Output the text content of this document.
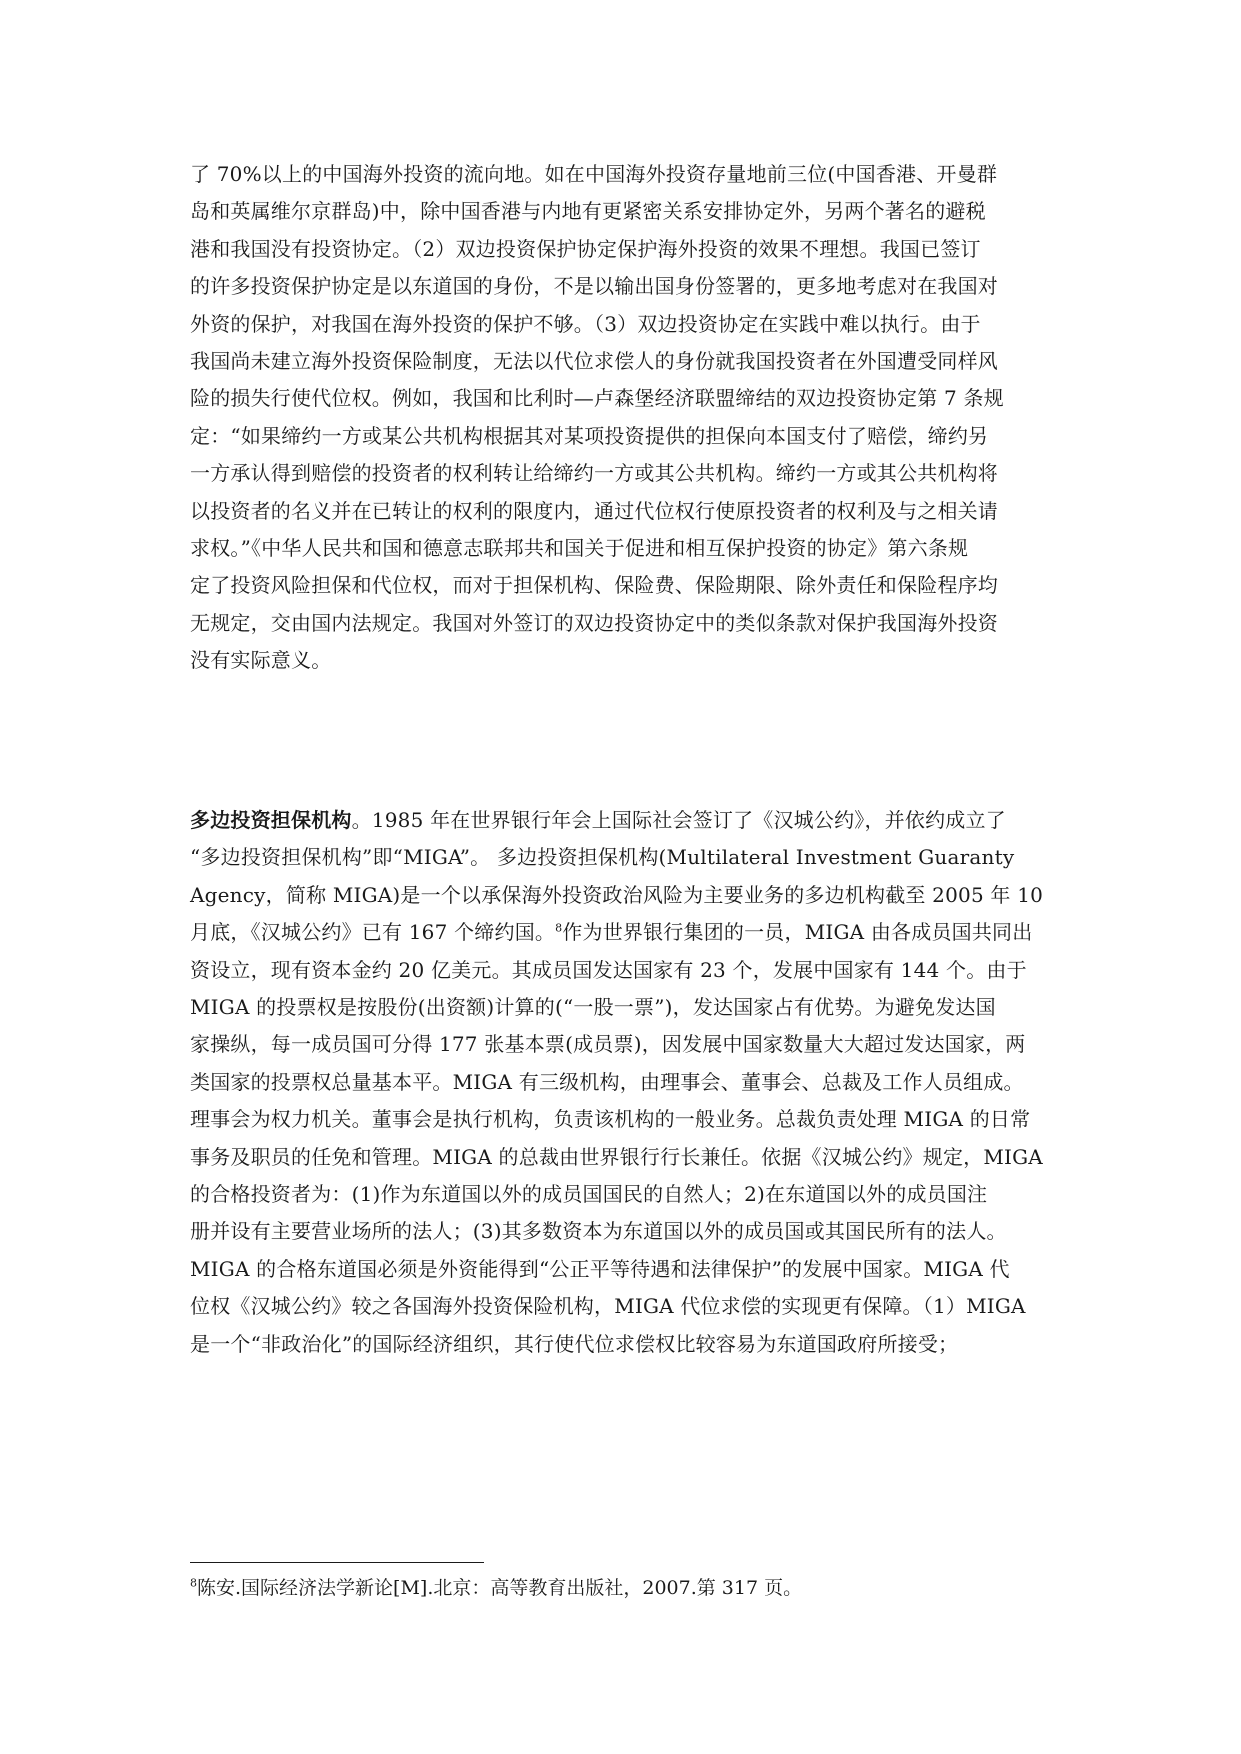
了 70%以上的中国海外投资的流向地。如在中国海外投资存量地前三位(中国香港、开曼群
岛和英属维尔京群岛)中，除中国香港与内地有更紧密关系安排协定外，另两个著名的避税
港和我国没有投资协定。（2）双边投资保护协定保护海外投资的效果不理想。我国已签订
的许多投资保护协定是以东道国的身份，不是以输出国身份签署的，更多地考虑对在我国对
外资的保护，对我国在海外投资的保护不够。（3）双边投资协定在实践中难以执行。由于
我国尚未建立海外投资保险制度，无法以代位求偿人的身份就我国投资者在外国遭受同样风
险的损失行使代位权。例如，我国和比利时—卢森堡经济联盟缔结的双边投资协定第 7 条规
定：“如果缔约一方或某公共机构根据其对某项投资提供的担保向本国支付了赔偿，缔约另
一方承认得到赔偿的投资者的权利转让给缔约一方或其公共机构。缔约一方或其公共机构将
以投资者的名义并在已转让的权利的限度内，通过代位权行使原投资者的权利及与之相关请
求权。”《中华人民共和国和德意志联邦共和国关于促进和相互保护投资的协定》第六条规
定了投资风险担保和代位权，而对于担保机构、保险费、保险期限、除外责任和保险程序均
无规定，交由国内法规定。我国对外签订的双边投资协定中的类似条款对保护我国海外投资
没有实际意义。
多边投资担保机构。1985 年在世界银行年会上国际社会签订了《汉城公约》，并依约成立了
“多边投资担保机构”即“MIGA”。 多边投资担保机构(Multilateral Investment Guaranty
Agency，简称 MIGA)是一个以承保海外投资政治风险为主要业务的多边机构截至 2005 年 10
月底，《汉城公约》已有 167 个缔约国。$^8$作为世界银行集团的一员，MIGA 由各成员国共同出
资设立，现有资本金约 20 亿美元。其成员国发达国家有 23 个，发展中国家有 144 个。由于
MIGA 的投票权是按股份(出资额)计算的(“一股一票”)，发达国家占有优势。为避免发达国
家操纵，每一成员国可分得 177 张基本票(成员票)，因发展中国家数量大大超过发达国家，两
类国家的投票权总量基本平。MIGA 有三级机构，由理事会、董事会、总裁及工作人员组成。
理事会为权力机关。董事会是执行机构，负责该机构的一般业务。总裁负责处理 MIGA 的日常
事务及职员的任免和管理。MIGA 的总裁由世界银行行长兼任。依据《汉城公约》规定，MIGA
的合格投资者为：(1)作为东道国以外的成员国国民的自然人；2)在东道国以外的成员国注
册并设有主要营业场所的法人；(3)其多数资本为东道国以外的成员国或其国民所有的法人。
MIGA 的合格东道国必须是外资能得到“公正平等待遇和法律保护”的发展中国家。MIGA 代
位权《汉城公约》较之各国海外投资保险机构，MIGA 代位求偿的实现更有保障。（1）MIGA
是一个“非政治化”的国际经济组织，其行使代位求偿权比较容易为东道国政府所接受；
$^8$陈安.国际经济法学新论[M].北京：高等教育出版社，2007.第 317 页。
